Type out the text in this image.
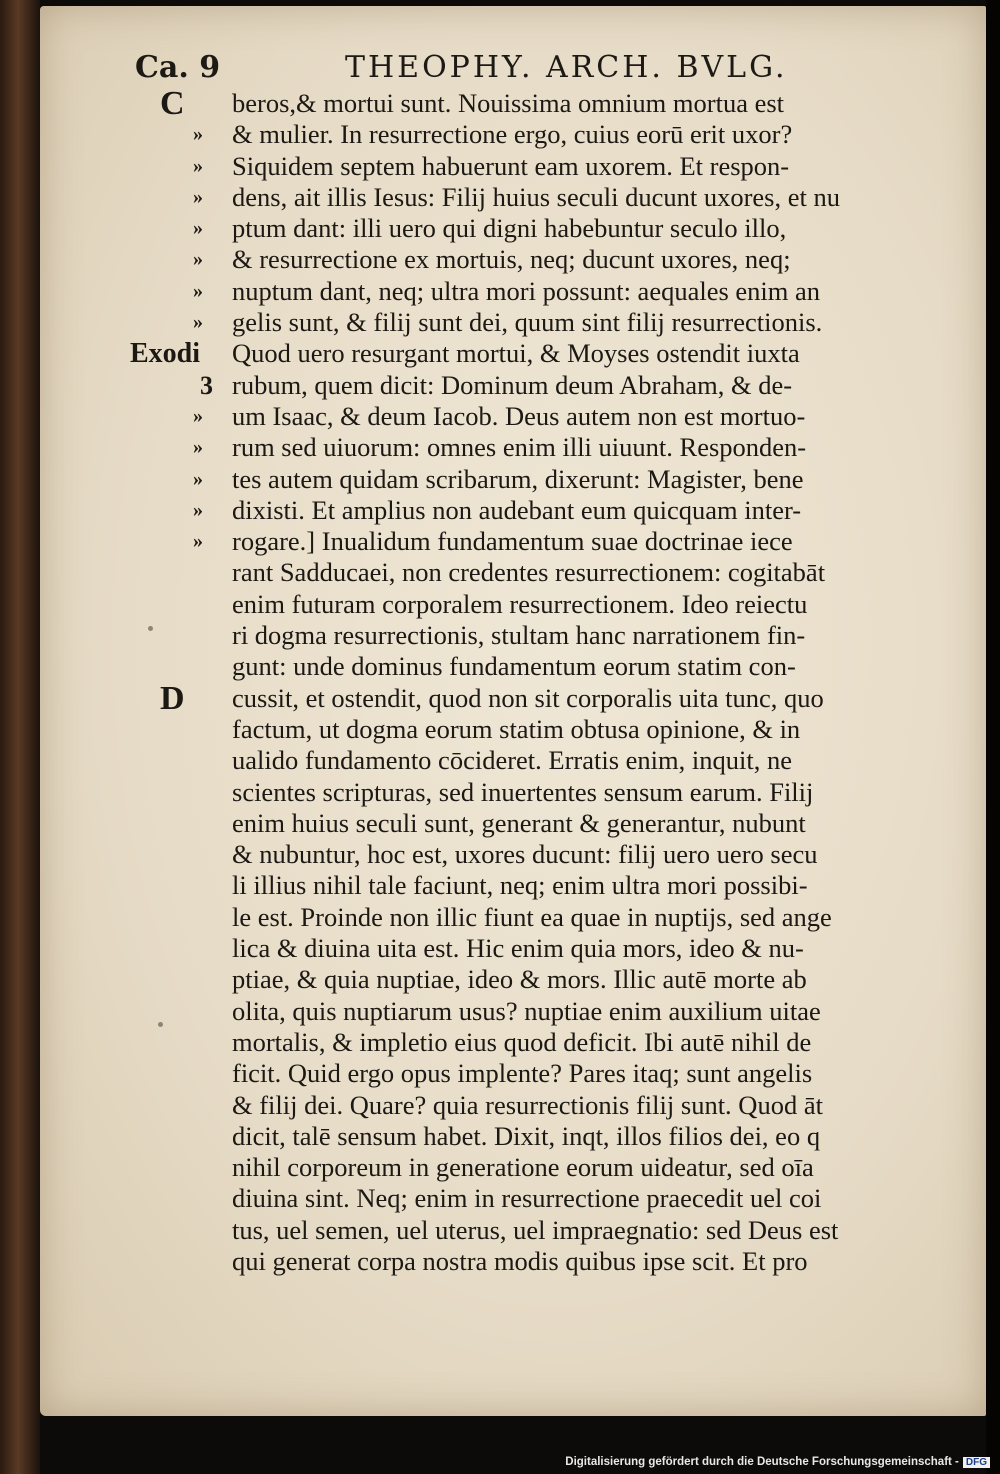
Ca. 9	THEOPHY. ARCH. BVLG.
C
»
»
»
»
»
»
»
Exodi
3
»
»
»
»
»
D
beros,& mortui sunt. Nouissima omnium mortua est
& mulier. In resurrectione ergo, cuius eorū erit uxor?
Siquidem septem habuerunt eam uxorem. Et respon-
dens, ait illis Iesus: Filij huius seculi ducunt uxores, et nu
ptum dant: illi uero qui digni habebuntur seculo illo,
& resurrectione ex mortuis, neq; ducunt uxores, neq;
nuptum dant, neq; ultra mori possunt: aequales enim an
gelis sunt, & filij sunt dei, quum sint filij resurrectionis.
Quod uero resurgant mortui, & Moyses ostendit iuxta
rubum, quem dicit: Dominum deum Abraham, & de-
um Isaac, & deum Iacob. Deus autem non est mortuo-
rum sed uiuorum: omnes enim illi uiuunt. Responden-
tes autem quidam scribarum, dixerunt: Magister, bene
dixisti. Et amplius non audebant eum quicquam inter-
rogare.] Inualidum fundamentum suae doctrinae iece
rant Sadducaei, non credentes resurrectionem: cogitabāt
enim futuram corporalem resurrectionem. Ideo reiectu
ri dogma resurrectionis, stultam hanc narrationem fin-
gunt: unde dominus fundamentum eorum statim con-
cussit, et ostendit, quod non sit corporalis uita tunc, quo
factum, ut dogma eorum statim obtusa opinione, & in
ualido fundamento cōcideret. Erratis enim, inquit, ne
scientes scripturas, sed inuertentes sensum earum. Filij
enim huius seculi sunt, generant & generantur, nubunt
& nubuntur, hoc est, uxores ducunt: filij uero uero secu
li illius nihil tale faciunt, neq; enim ultra mori possibi-
le est. Proinde non illic fiunt ea quae in nuptijs, sed ange
lica & diuina uita est. Hic enim quia mors, ideo & nu-
ptiae, & quia nuptiae, ideo & mors. Illic autē morte ab
olita, quis nuptiarum usus? nuptiae enim auxilium uitae
mortalis, & impletio eius quod deficit. Ibi autē nihil de
ficit. Quid ergo opus implente? Pares itaq; sunt angelis
& filij dei. Quare? quia resurrectionis filij sunt. Quod āt
dicit, talē sensum habet. Dixit, inqt, illos filios dei, eo q
nihil corporeum in generatione eorum uideatur, sed oīa
diuina sint. Neq; enim in resurrectione praecedit uel coi
tus, uel semen, uel uterus, uel impraegnatio: sed Deus est
qui generat corpa nostra modis quibus ipse scit. Et pro
Digitalisierung gefördert durch die Deutsche Forschungsgemeinschaft - DFG
